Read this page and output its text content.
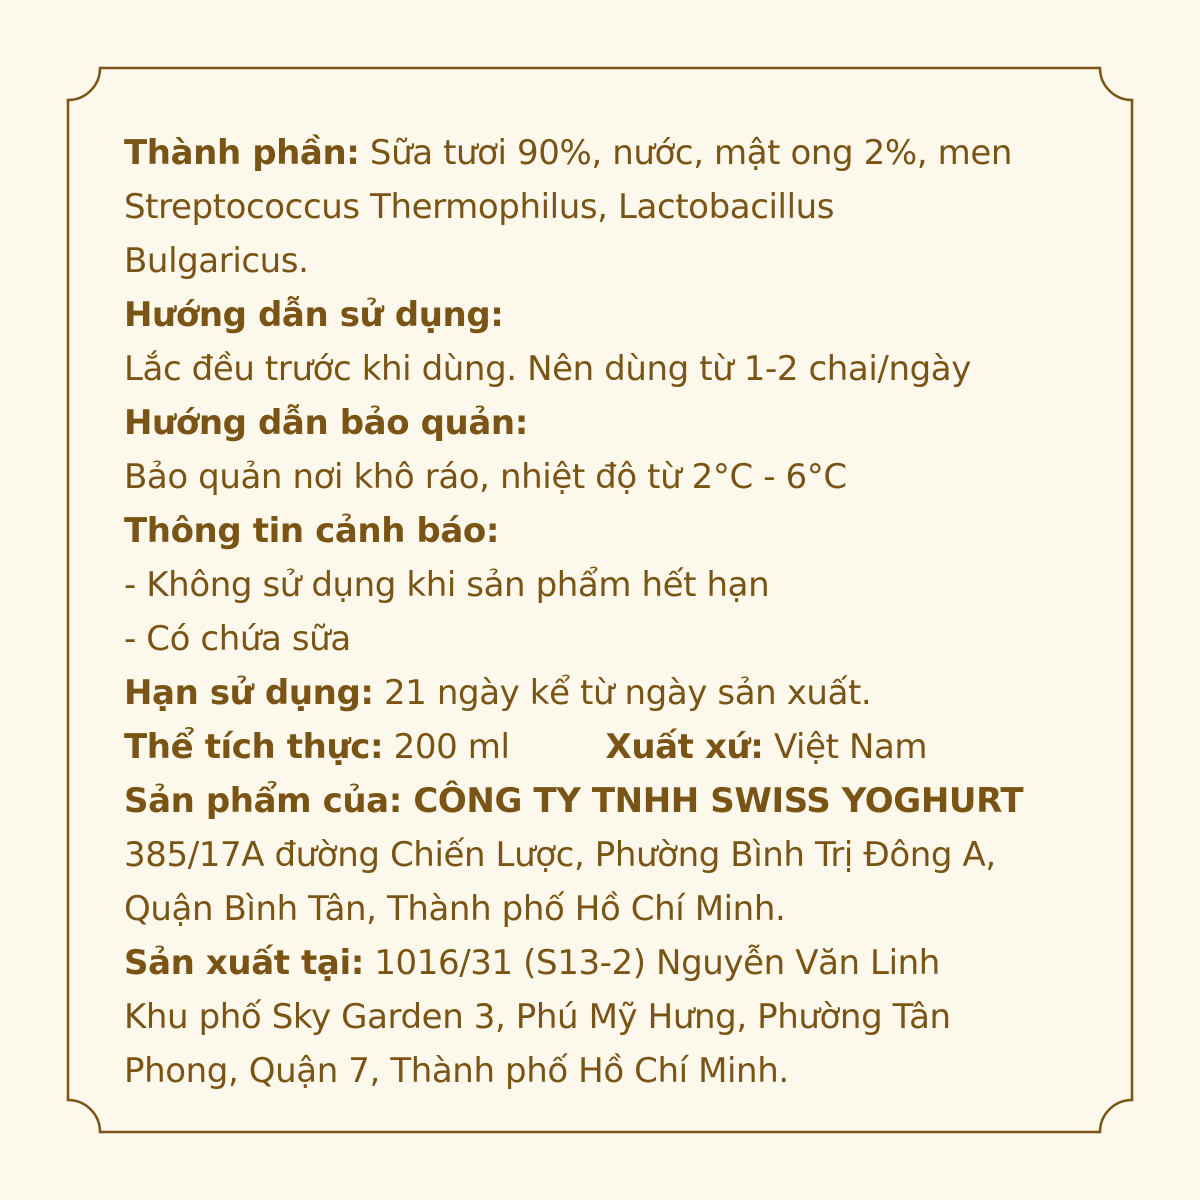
Thành phần: Sữa tươi 90%, nước, mật ong 2%, men
Streptococcus Thermophilus, Lactobacillus
Bulgaricus.
Hướng dẫn sử dụng:
Lắc đều trước khi dùng. Nên dùng từ 1-2 chai/ngày
Hướng dẫn bảo quản:
Bảo quản nơi khô ráo, nhiệt độ từ 2°C - 6°C
Thông tin cảnh báo:
- Không sử dụng khi sản phẩm hết hạn
- Có chứa sữa
Hạn sử dụng: 21 ngày kể từ ngày sản xuất.
Thể tích thực: 200 ml	Xuất xứ: Việt Nam
Sản phẩm của: CÔNG TY TNHH SWISS YOGHURT
385/17A đường Chiến Lược, Phường Bình Trị Đông A,
Quận Bình Tân, Thành phố Hồ Chí Minh.
Sản xuất tại: 1016/31 (S13-2) Nguyễn Văn Linh
Khu phố Sky Garden 3, Phú Mỹ Hưng, Phường Tân
Phong, Quận 7, Thành phố Hồ Chí Minh.
